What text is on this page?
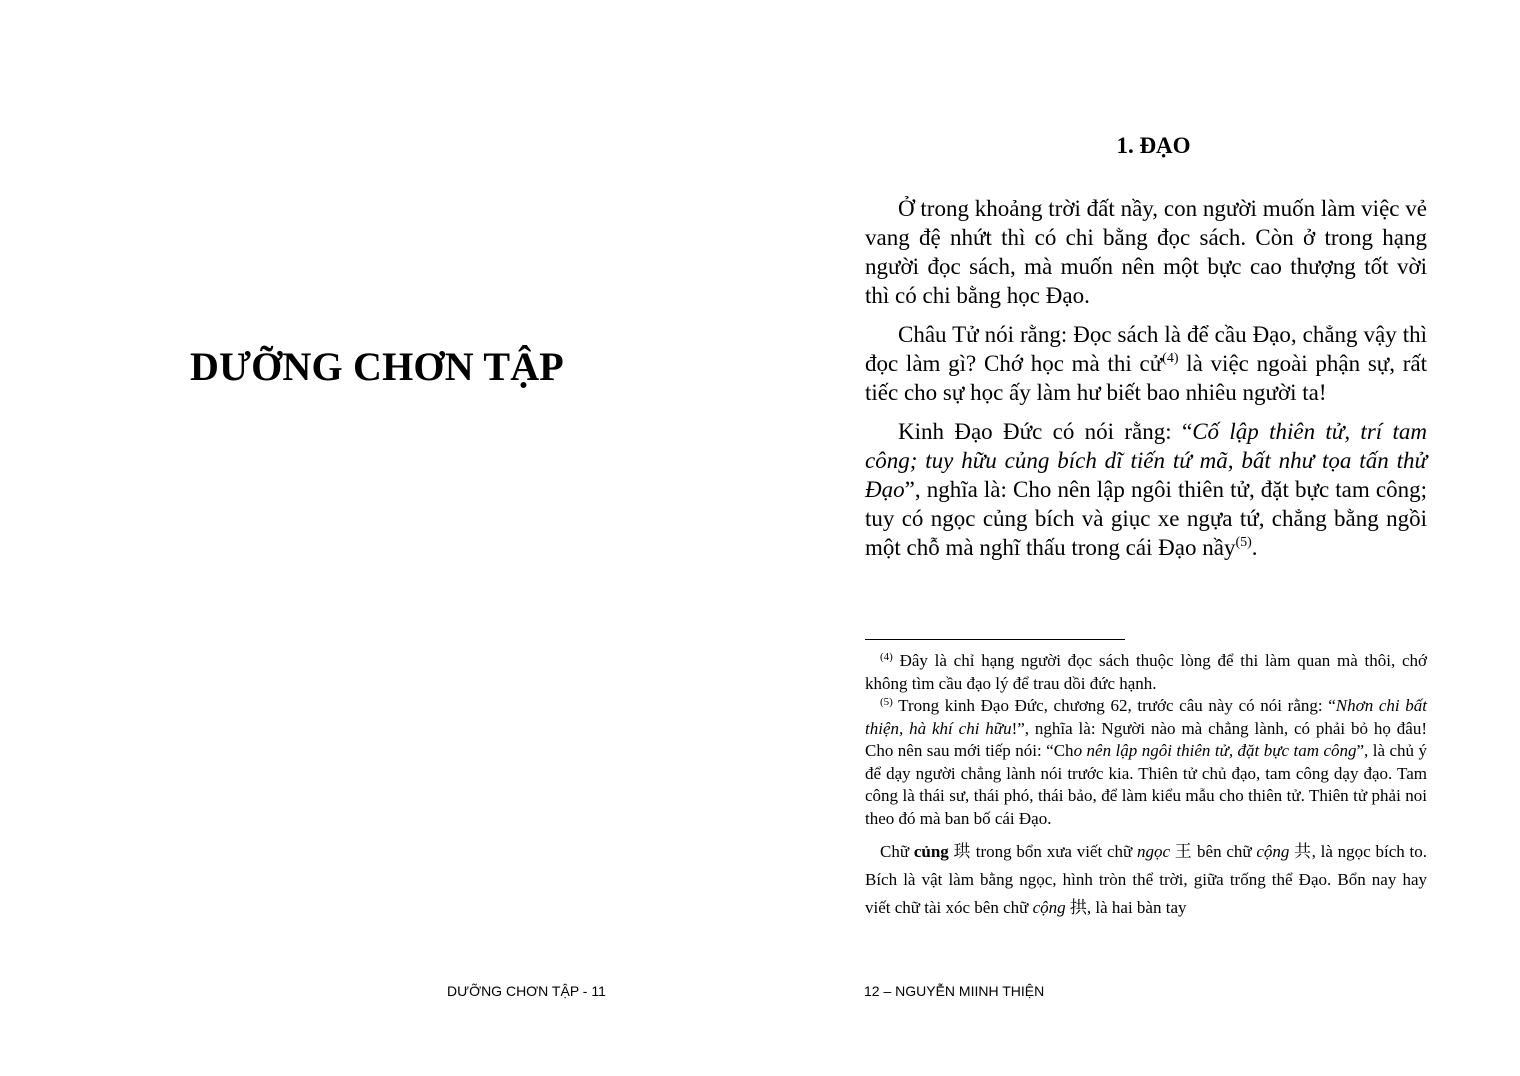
DƯỠNG CHƠN TẬP
DƯỠNG CHƠN TẬP - 11
1. ĐẠO

Ở trong khoảng trời đất nầy, con người muốn làm việc vẻ vang đệ nhứt thì có chi bằng đọc sách. Còn ở trong hạng người đọc sách, mà muốn nên một bực cao thượng tốt vời thì có chi bằng học Đạo.

Châu Tử nói rằng: Đọc sách là để cầu Đạo, chẳng vậy thì đọc làm gì? Chớ học mà thi cử$^{(4)}$ là việc ngoài phận sự, rất tiếc cho sự học ấy làm hư biết bao nhiêu người ta!

Kinh Đạo Đức có nói rằng: “Cố lập thiên tử, trí tam công; tuy hữu củng bích dĩ tiến tứ mã, bất như tọa tấn thử Đạo”, nghĩa là: Cho nên lập ngôi thiên tử, đặt bực tam công; tuy có ngọc củng bích và giục xe ngựa tứ, chẳng bằng ngồi một chỗ mà nghĩ thấu trong cái Đạo nầy$^{(5)}$.

$^{(4)}$ Đây là chỉ hạng người đọc sách thuộc lòng để thi làm quan mà thôi, chớ không tìm cầu đạo lý để trau dồi đức hạnh.

$^{(5)}$ Trong kinh Đạo Đức, chương 62, trước câu này có nói rằng: “Nhơn chi bất thiện, hà khí chi hữu!”, nghĩa là: Người nào mà chẳng lành, có phải bỏ họ đâu! Cho nên sau mới tiếp nói: “Cho nên lập ngôi thiên tử, đặt bực tam công”, là chủ ý để dạy người chẳng lành nói trước kia. Thiên tử chủ đạo, tam công dạy đạo. Tam công là thái sư, thái phó, thái bảo, để làm kiểu mẫu cho thiên tử. Thiên tử phải noi theo đó mà ban bố cái Đạo.

Chữ củng 珙 trong bổn xưa viết chữ ngọc 王 bên chữ cộng 共, là ngọc bích to. Bích là vật làm bằng ngọc, hình tròn thể trời, giữa trống thể Đạo. Bổn nay hay viết chữ tài xóc bên chữ cộng 拱, là hai bàn tay

12 – NGUYỄN MIINH THIỆN
